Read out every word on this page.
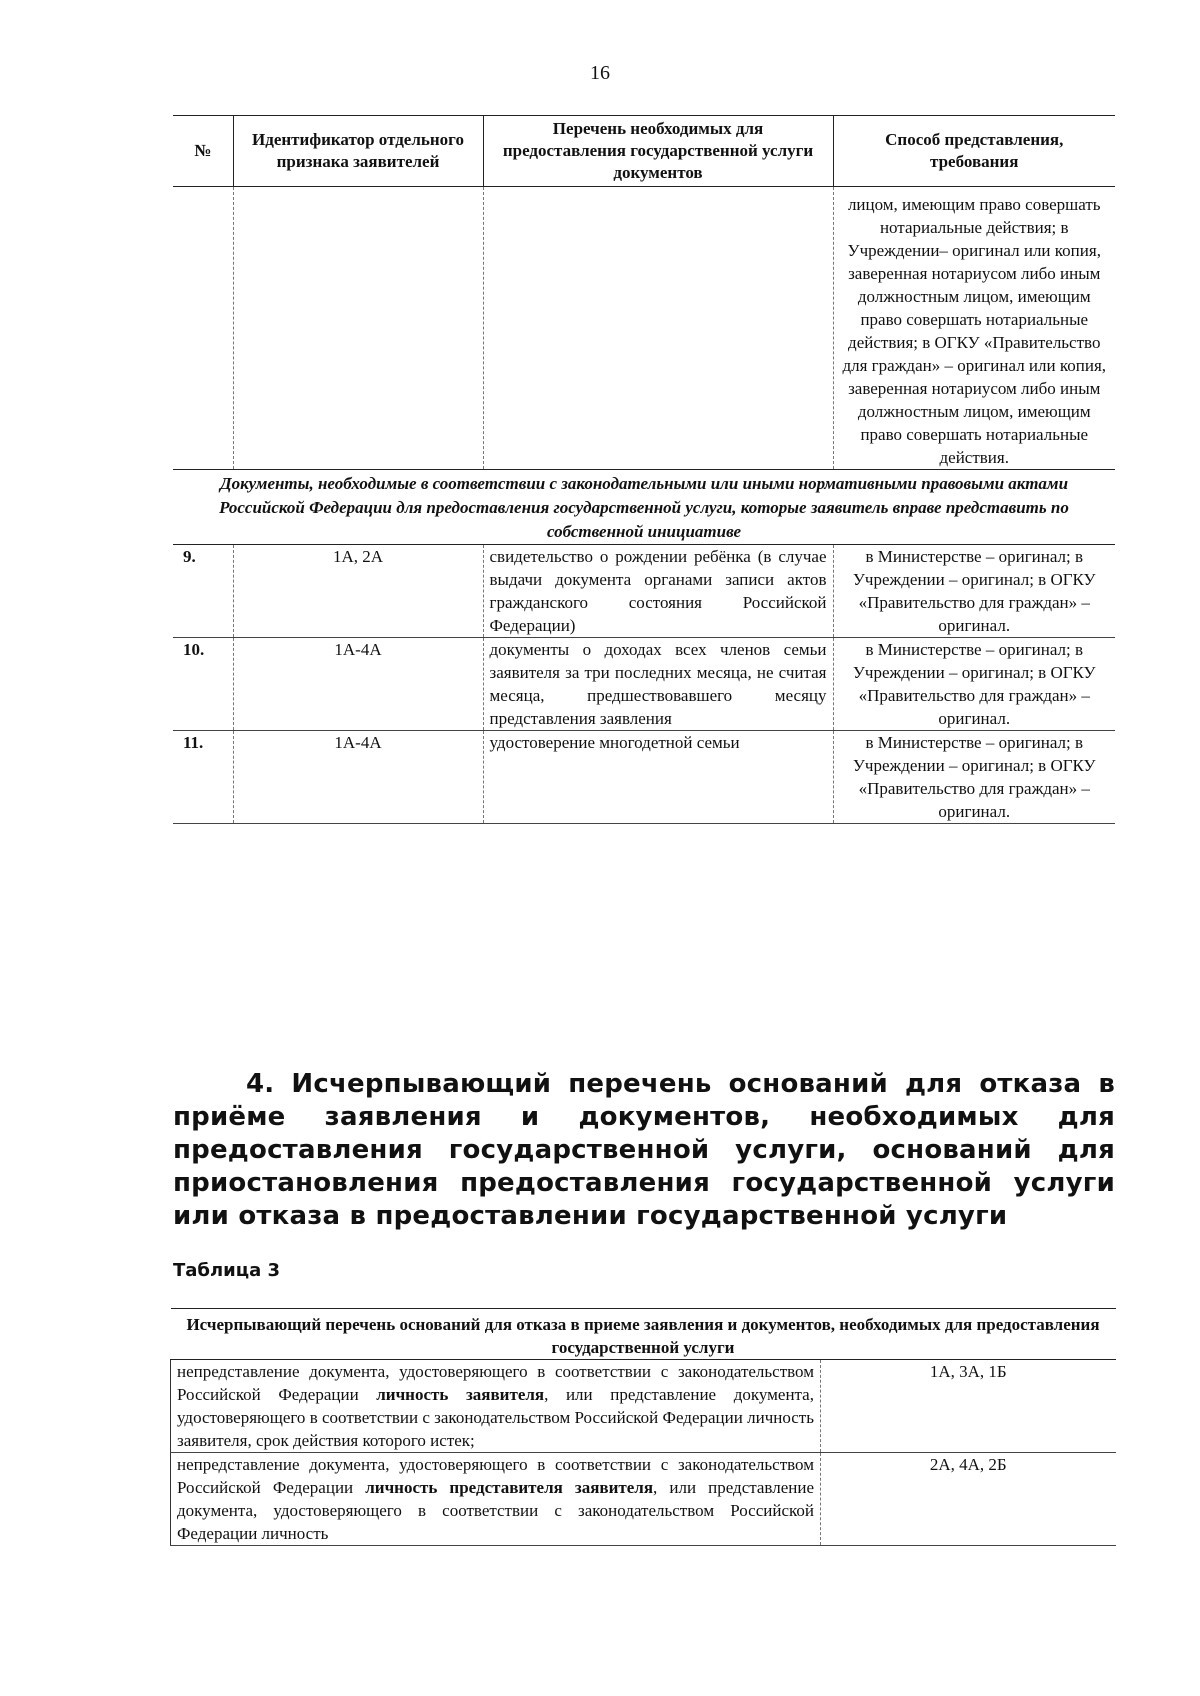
16
№	Идентификатор отдельного признака заявителей	Перечень необходимых для предоставления государственной услуги документов	Способ представления, требования
			лицом, имеющим право совершать нотариальные действия; в Учреждении– оригинал или копия, заверенная нотариусом либо иным должностным лицом, имеющим право совершать нотариальные действия; в ОГКУ «Правительство для граждан» – оригинал или копия, заверенная нотариусом либо иным должностным лицом, имеющим право совершать нотариальные действия.
Документы, необходимые в соответствии с законодательными или иными нормативными правовыми актами Российской Федерации для предоставления государственной услуги, которые заявитель вправе представить по собственной инициативе			
9.	1А, 2А	свидетельство о рождении ребёнка (в случае выдачи документа органами записи актов гражданского состояния Российской Федерации)	в Министерстве – оригинал; в Учреждении – оригинал; в ОГКУ «Правительство для граждан» – оригинал.
10.	1А-4А	документы о доходах всех членов семьи заявителя за три последних месяца, не считая месяца, предшествовавшего месяцу представления заявления	в Министерстве – оригинал; в Учреждении – оригинал; в ОГКУ «Правительство для граждан» – оригинал.
11.	1А-4А	удостоверение многодетной семьи	в Министерстве – оригинал; в Учреждении – оригинал; в ОГКУ «Правительство для граждан» – оригинал.
4. Исчерпывающий перечень оснований для отказа в приёме заявления и документов, необходимых для предоставления государственной услуги, оснований для приостановления предоставления государственной услуги или отказа в предоставлении государственной услуги
Таблица 3
Исчерпывающий перечень оснований для отказа в приеме заявления и документов, необходимых для предоставления государственной услуги	
непредставление документа, удостоверяющего в соответствии с законодательством Российской Федерации личность заявителя, или представление документа, удостоверяющего в соответствии с законодательством Российской Федерации личность заявителя, срок действия которого истек;	1А, 3А, 1Б
непредставление документа, удостоверяющего в соответствии с законодательством Российской Федерации личность представителя заявителя, или представление документа, удостоверяющего в соответствии с законодательством Российской Федерации личность	2А, 4А, 2Б
